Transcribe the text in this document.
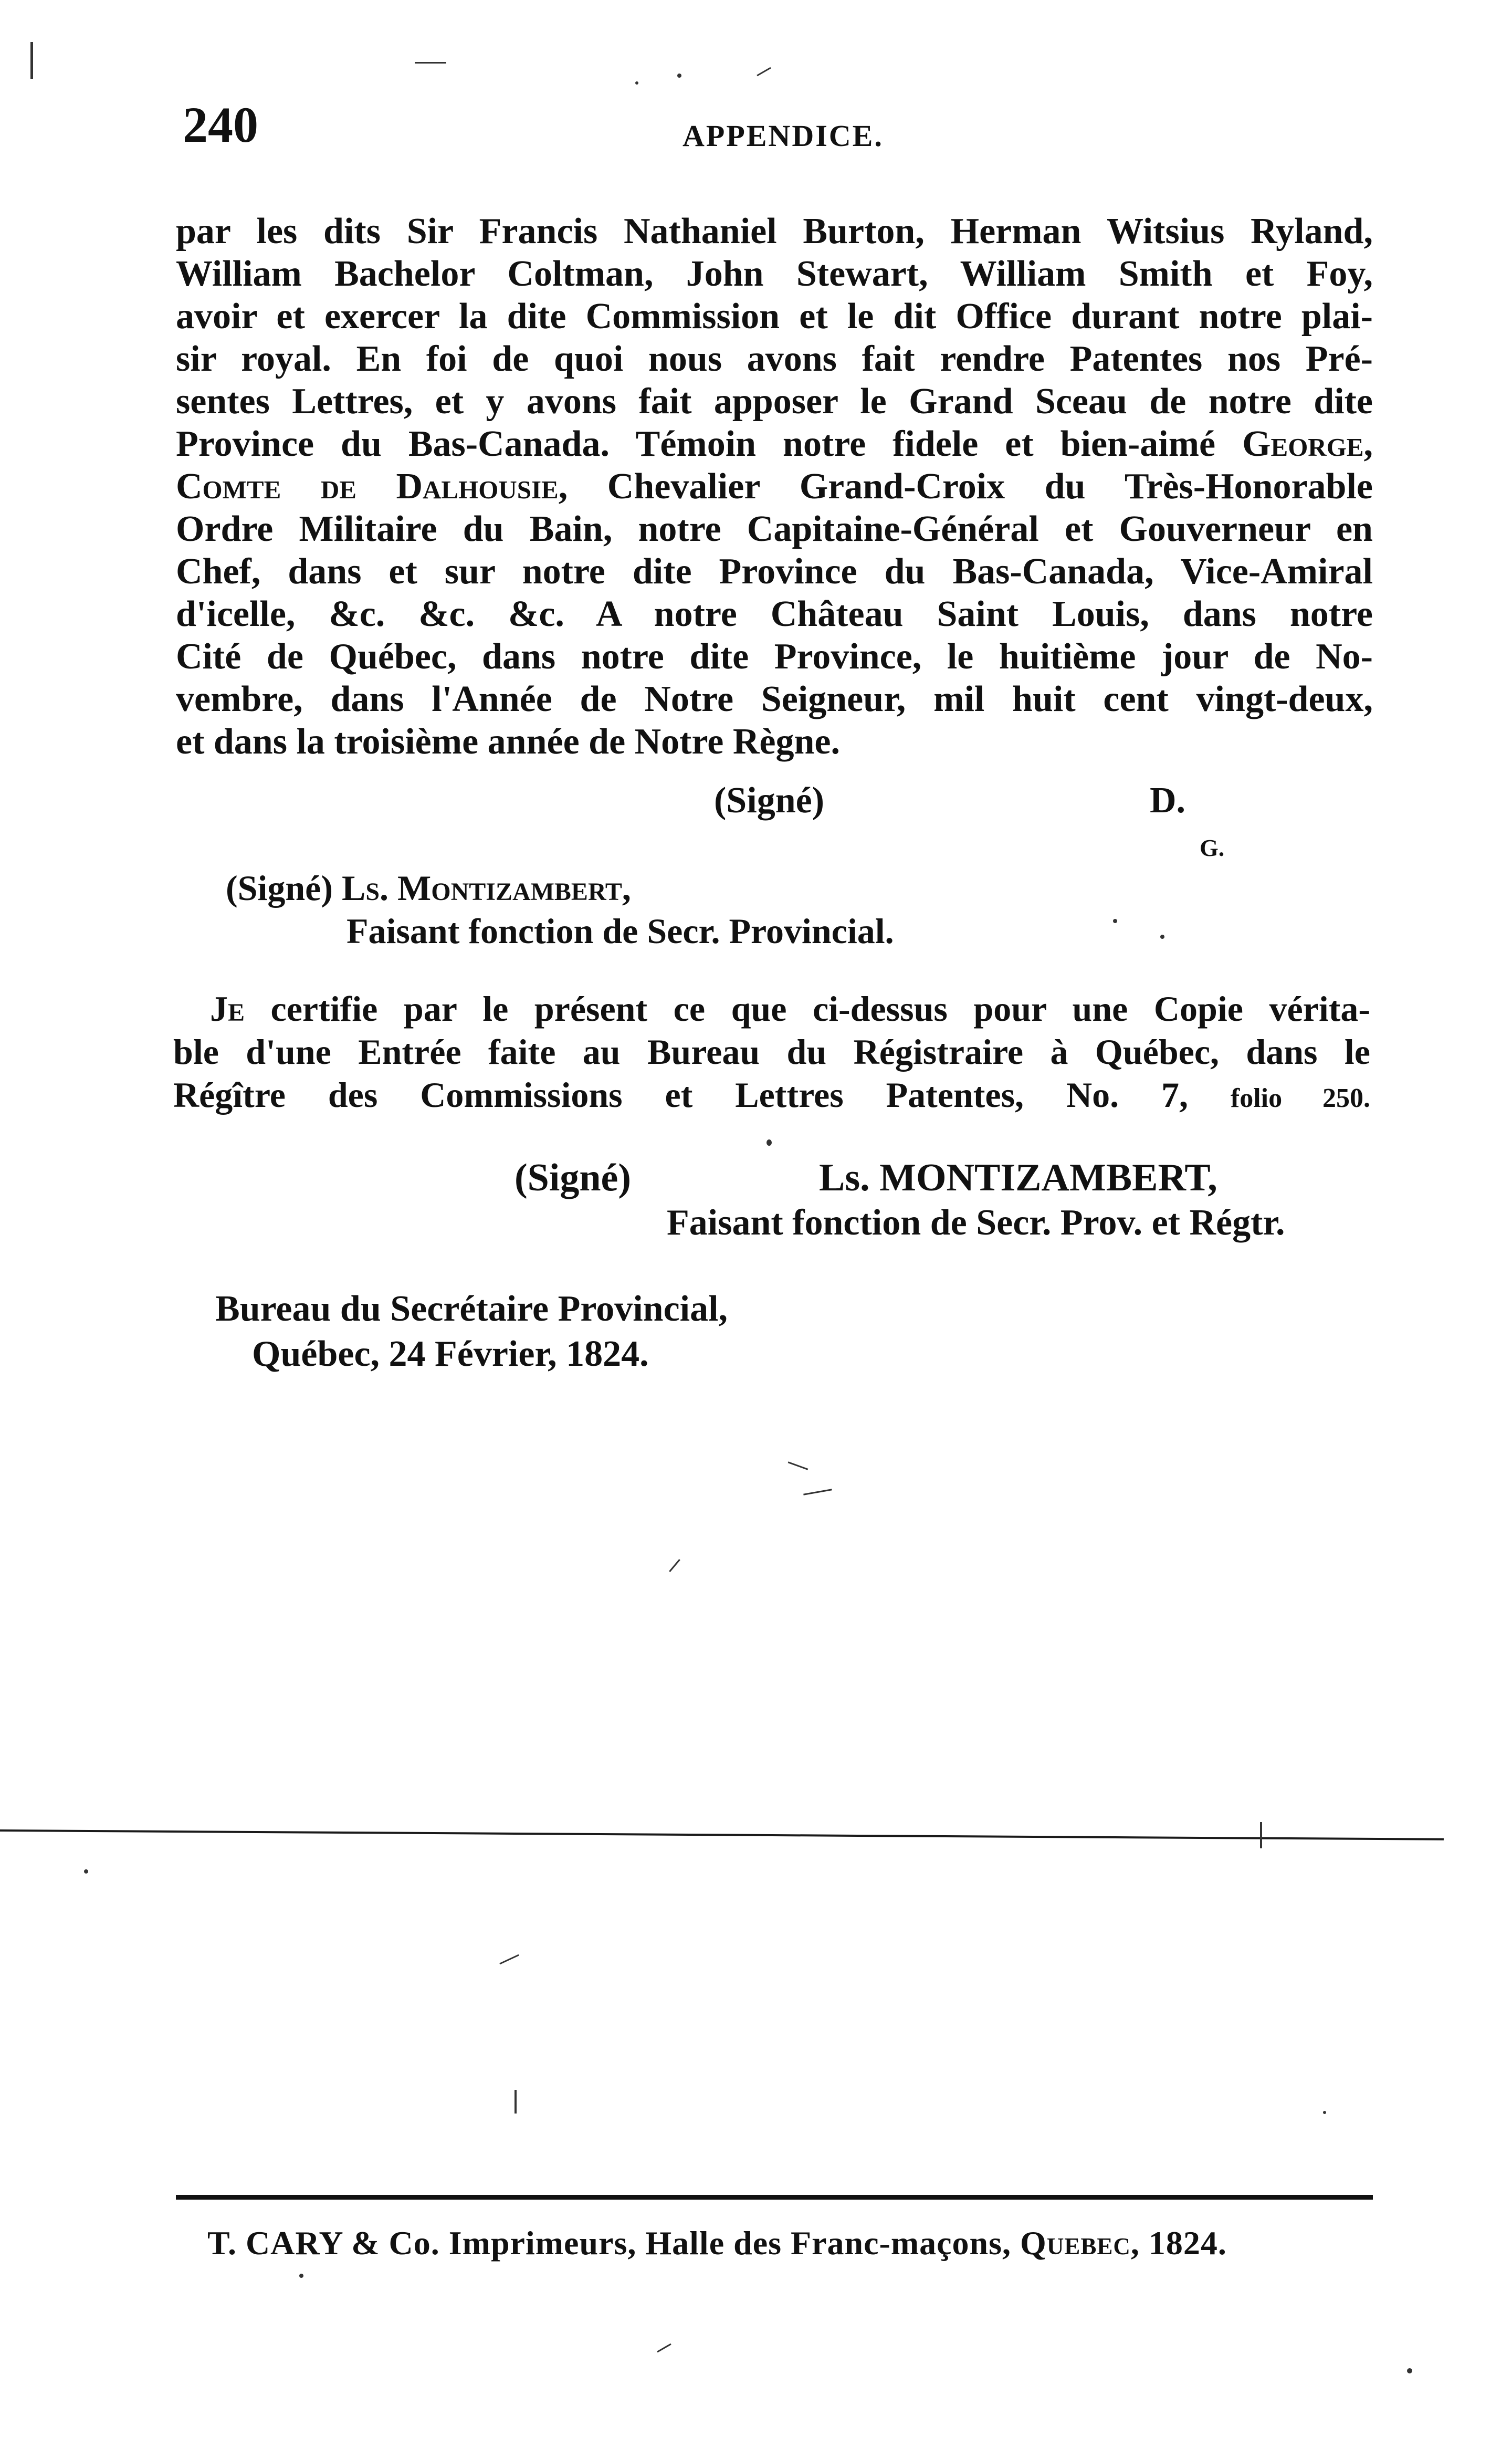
240	APPENDICE.
par les dits Sir Francis Nathaniel Burton, Herman Witsius Ryland,
William Bachelor Coltman, John Stewart, William Smith et Foy,
avoir et exercer la dite Commission et le dit Office durant notre plai-
sir royal. En foi de quoi nous avons fait rendre Patentes nos Pré-
sentes Lettres, et y avons fait apposer le Grand Sceau de notre dite
Province du Bas-Canada. Témoin notre fidele et bien-aimé George,
Comte de Dalhousie, Chevalier Grand-Croix du Très-Honorable
Ordre Militaire du Bain, notre Capitaine-Général et Gouverneur en
Chef, dans et sur notre dite Province du Bas-Canada, Vice-Amiral
d'icelle, &c. &c. &c. A notre Château Saint Louis, dans notre
Cité de Québec, dans notre dite Province, le huitième jour de No-
vembre, dans l'Année de Notre Seigneur, mil huit cent vingt-deux,
et dans la troisième année de Notre Règne.
(Signé)	D.
G.
(Signé) Ls. Montizambert,
Faisant fonction de Secr. Provincial.
Je certifie par le présent ce que ci-dessus pour une Copie vérita-
ble d'une Entrée faite au Bureau du Régistraire à Québec, dans le
Régître des Commissions et Lettres Patentes, No. 7, folio 250.
(Signé)	Ls. MONTIZAMBERT,
Faisant fonction de Secr. Prov. et Régtr.
Bureau du Secrétaire Provincial,
Québec, 24 Février, 1824.
T. CARY & Co. Imprimeurs, Halle des Franc-maçons, Quebec, 1824.
